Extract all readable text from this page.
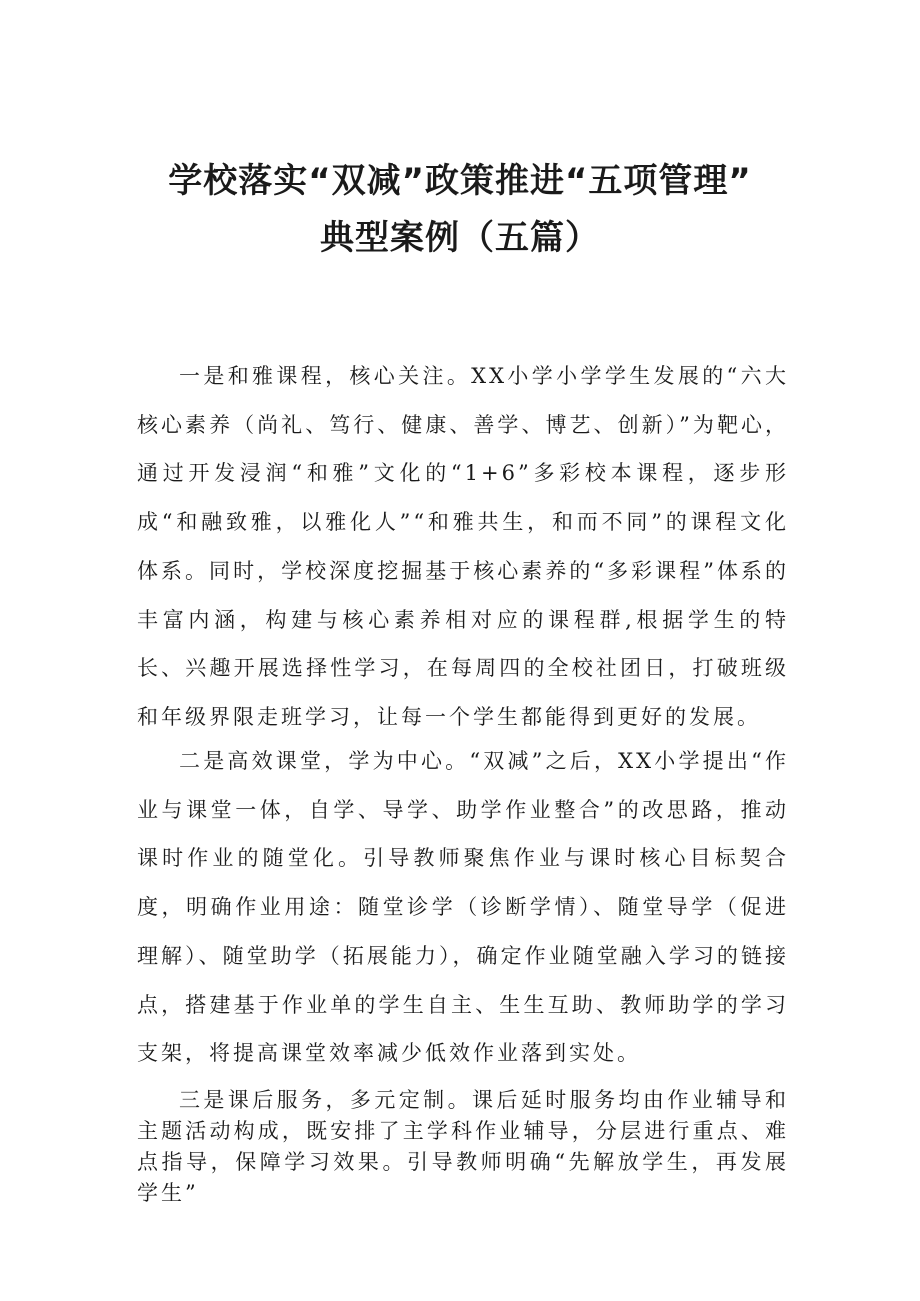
学校落实“双减”政策推进“五项管理”
典型案例（五篇）

一是和雅课程，核心关注。XX小学小学学生发展的“六大核心素养（尚礼、笃行、健康、善学、博艺、创新）”为靶心，通过开发浸润“和雅”文化的“1+6”多彩校本课程，逐步形成“和融致雅，以雅化人”“和雅共生，和而不同”的课程文化体系。同时，学校深度挖掘基于核心素养的“多彩课程”体系的丰富内涵，构建与核心素养相对应的课程群,根据学生的特长、兴趣开展选择性学习，在每周四的全校社团日，打破班级和年级界限走班学习，让每一个学生都能得到更好的发展。

二是高效课堂，学为中心。“双减”之后，XX小学提出“作业与课堂一体，自学、导学、助学作业整合”的改思路，推动课时作业的随堂化。引导教师聚焦作业与课时核心目标契合度，明确作业用途：随堂诊学（诊断学情）、随堂导学（促进理解）、随堂助学（拓展能力），确定作业随堂融入学习的链接点，搭建基于作业单的学生自主、生生互助、教师助学的学习支架，将提高课堂效率减少低效作业落到实处。

三是课后服务，多元定制。课后延时服务均由作业辅导和主题活动构成，既安排了主学科作业辅导，分层进行重点、难点指导，保障学习效果。引导教师明确“先解放学生，再发展学生”
